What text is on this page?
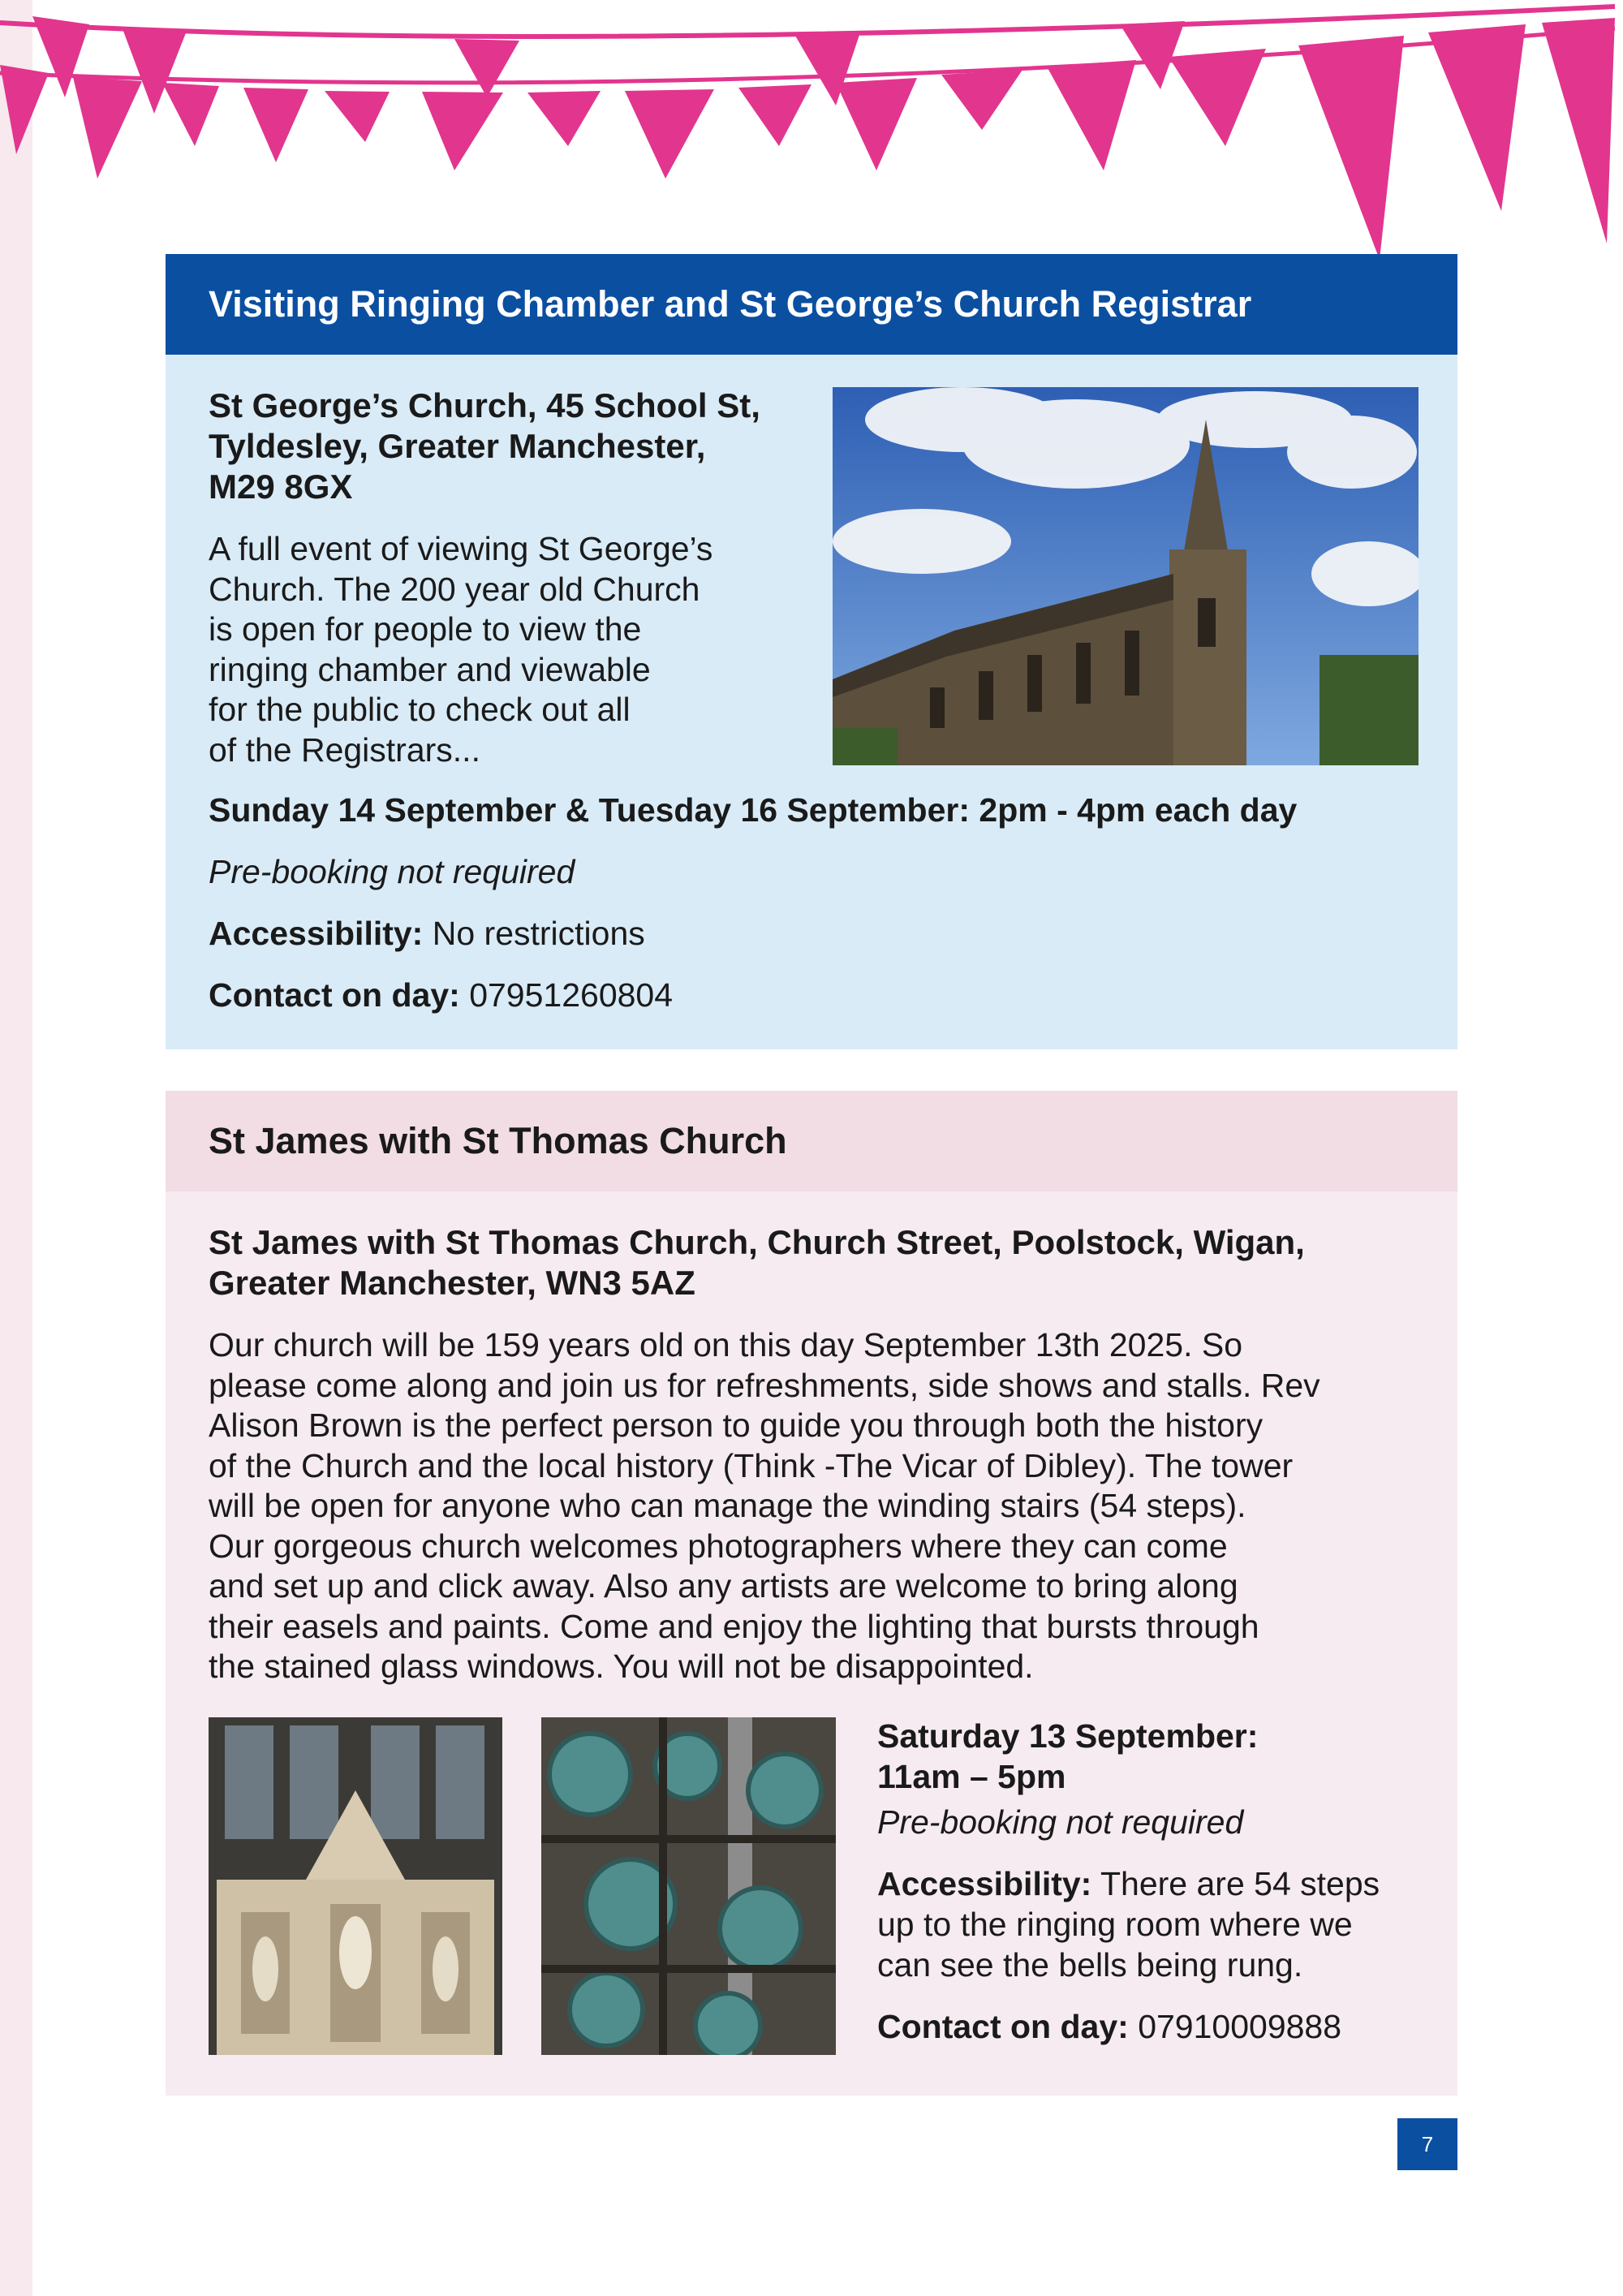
Visiting Ringing Chamber and St George’s Church Registrar
St George’s Church, 45 School St,
Tyldesley, Greater Manchester,
M29 8GX
A full event of viewing St George’s
Church. The 200 year old Church
is open for people to view the
ringing chamber and viewable
for the public to check out all
of the Registrars...
Sunday 14 September & Tuesday 16 September: 2pm - 4pm each day
Pre-booking not required
Accessibility: No restrictions
Contact on day: 07951260804
St James with St Thomas Church
St James with St Thomas Church, Church Street, Poolstock, Wigan,
Greater Manchester, WN3 5AZ
Our church will be 159 years old on this day September 13th 2025. So
please come along and join us for refreshments, side shows and stalls. Rev
Alison Brown is the perfect person to guide you through both the history
of the Church and the local history (Think -The Vicar of Dibley). The tower
will be open for anyone who can manage the winding stairs (54 steps).
Our gorgeous church welcomes photographers where they can come
and set up and click away. Also any artists are welcome to bring along
their easels and paints. Come and enjoy the lighting that bursts through
the stained glass windows. You will not be disappointed.
Saturday 13 September:
11am – 5pm
Pre-booking not required
Accessibility: There are 54 steps
up to the ringing room where we
can see the bells being rung.
Contact on day: 07910009888
7
